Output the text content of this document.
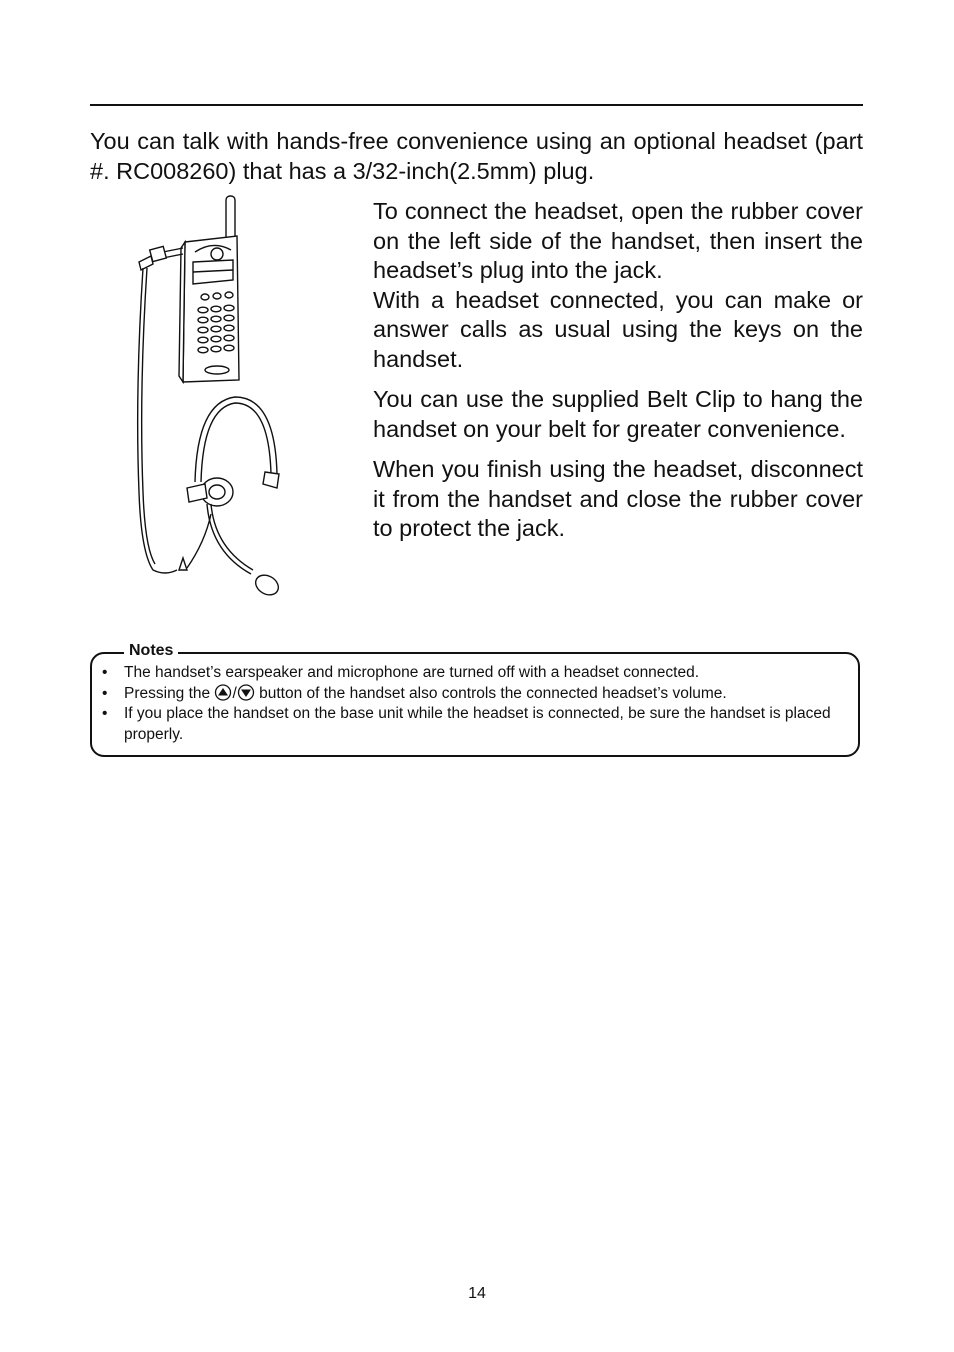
You can talk with hands-free convenience using an optional headset (part #. RC008260) that has a 3/32-inch(2.5mm) plug.

To connect the headset, open the rubber cover on the left side of the handset, then insert the headset’s plug into the jack.

With a headset connected, you can make or answer calls as usual using the keys on the handset.

You can use the supplied Belt Clip to hang the handset on your belt for greater convenience.

When you finish using the headset, disconnect it from the handset and close the rubber cover to protect the jack.

Notes
• The handset’s earspeaker and microphone are turned off with a headset connected.
• Pressing the / button of the handset also controls the connected headset’s volume.
• If you place the handset on the base unit while the headset is connected, be sure the handset is placed properly.
14
